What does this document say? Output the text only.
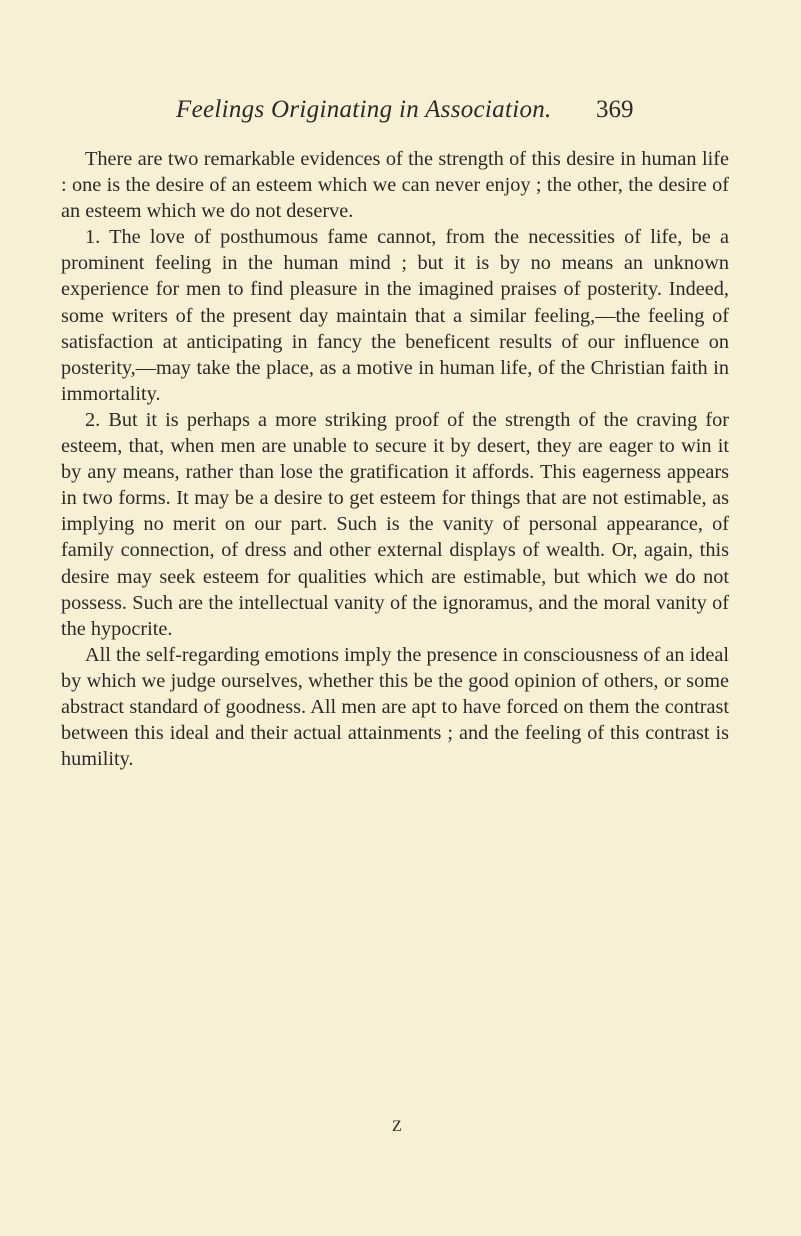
Feelings Originating in Association. 369

There are two remarkable evidences of the strength of this desire in human life : one is the desire of an esteem which we can never enjoy ; the other, the desire of an esteem which we do not deserve.

1. The love of posthumous fame cannot, from the necessities of life, be a prominent feeling in the human mind ; but it is by no means an unknown experience for men to find pleasure in the imagined praises of posterity. Indeed, some writers of the present day maintain that a similar feeling,—the feeling of satisfaction at anticipating in fancy the beneficent results of our influence on posterity,—may take the place, as a motive in human life, of the Christian faith in immortality.

2. But it is perhaps a more striking proof of the strength of the craving for esteem, that, when men are unable to secure it by desert, they are eager to win it by any means, rather than lose the gratification it affords. This eagerness appears in two forms. It may be a desire to get esteem for things that are not estimable, as implying no merit on our part. Such is the vanity of personal appearance, of family connection, of dress and other external displays of wealth. Or, again, this desire may seek esteem for qualities which are estimable, but which we do not possess. Such are the intellectual vanity of the ignoramus, and the moral vanity of the hypocrite.

All the self-regarding emotions imply the presence in consciousness of an ideal by which we judge ourselves, whether this be the good opinion of others, or some abstract standard of goodness. All men are apt to have forced on them the contrast between this ideal and their actual attainments ; and the feeling of this contrast is humility.

Z
